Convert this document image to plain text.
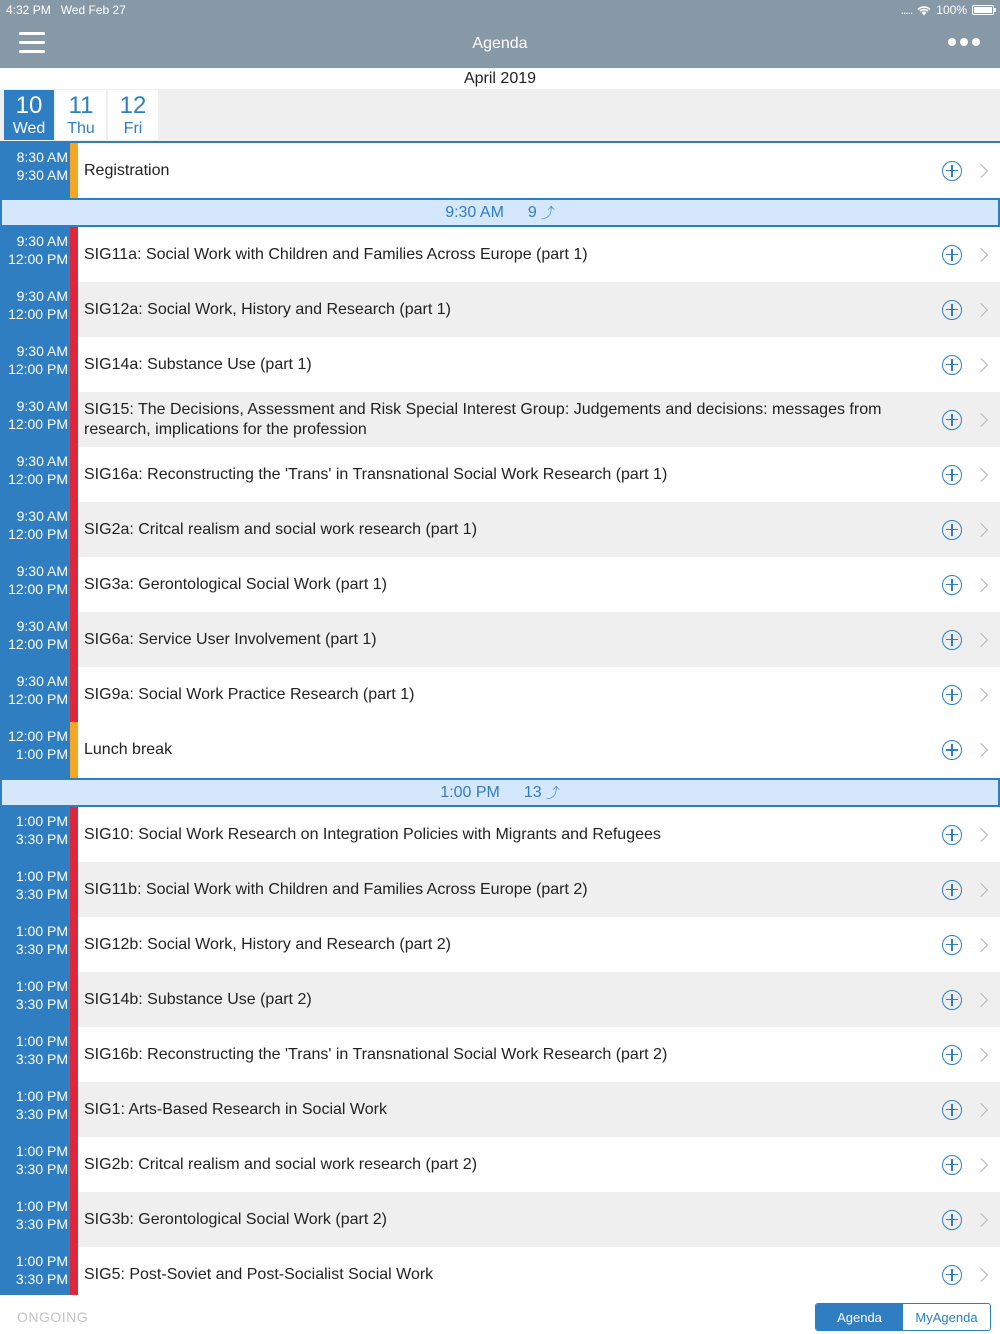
4:32 PM Wed Feb 27	..... 100%
Agenda
April 2019
10
Wed
11
Thu
12
Fri
8:30 AM
9:30 AM Registration
9:30 AM 9 ⤴
9:30 AM
12:00 PM SIG11a: Social Work with Children and Families Across Europe (part 1)
9:30 AM
12:00 PM SIG12a: Social Work, History and Research (part 1)
9:30 AM
12:00 PM SIG14a: Substance Use (part 1)
9:30 AM
12:00 PM
SIG15: The Decisions, Assessment and Risk Special Interest Group: Judgements and decisions: messages from research, implications for the profession
9:30 AM
12:00 PM SIG16a: Reconstructing the 'Trans' in Transnational Social Work Research (part 1)
9:30 AM
12:00 PM SIG2a: Critcal realism and social work research (part 1)
9:30 AM
12:00 PM SIG3a: Gerontological Social Work (part 1)
9:30 AM
12:00 PM SIG6a: Service User Involvement (part 1)
9:30 AM
12:00 PM SIG9a: Social Work Practice Research (part 1)
12:00 PM
1:00 PM Lunch break
1:00 PM 13 ⤴
1:00 PM
3:30 PM SIG10: Social Work Research on Integration Policies with Migrants and Refugees
1:00 PM
3:30 PM SIG11b: Social Work with Children and Families Across Europe (part 2)
1:00 PM
3:30 PM SIG12b: Social Work, History and Research (part 2)
1:00 PM
3:30 PM SIG14b: Substance Use (part 2)
1:00 PM
3:30 PM SIG16b: Reconstructing the 'Trans' in Transnational Social Work Research (part 2)
1:00 PM
3:30 PM SIG1: Arts-Based Research in Social Work
1:00 PM
3:30 PM SIG2b: Critcal realism and social work research (part 2)
1:00 PM
3:30 PM SIG3b: Gerontological Social Work (part 2)
1:00 PM
3:30 PM SIG5: Post-Soviet and Post-Socialist Social Work
ONGOING	Agenda	MyAgenda
